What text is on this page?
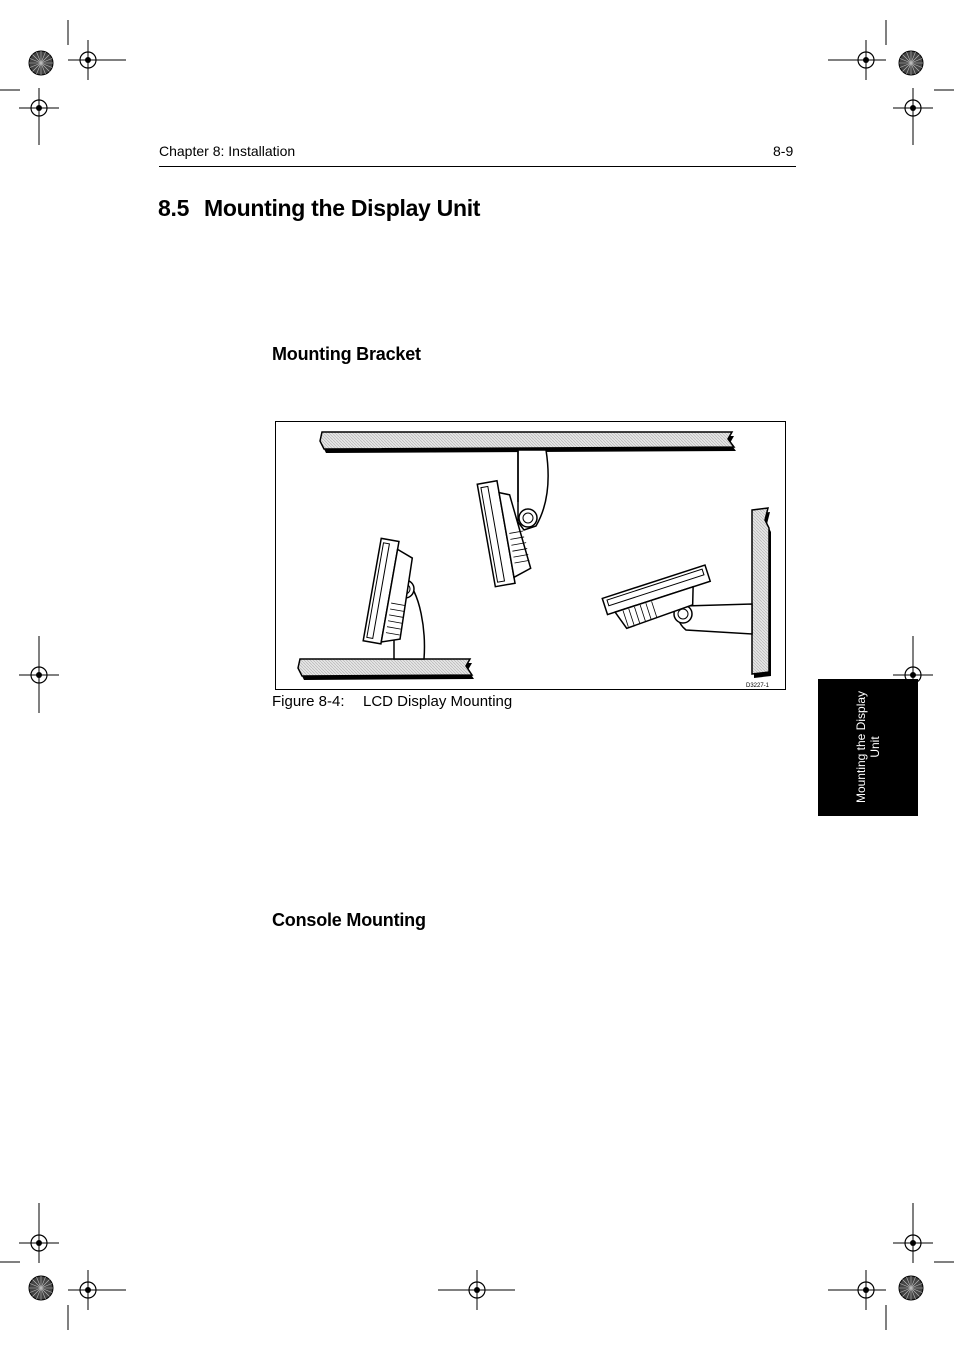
Chapter 8: Installation	8-9
8.5 Mounting the Display Unit
Mounting Bracket
Console Mounting
D3227-1
Figure 8-4: LCD Display Mounting	Mounting the Display Unit
